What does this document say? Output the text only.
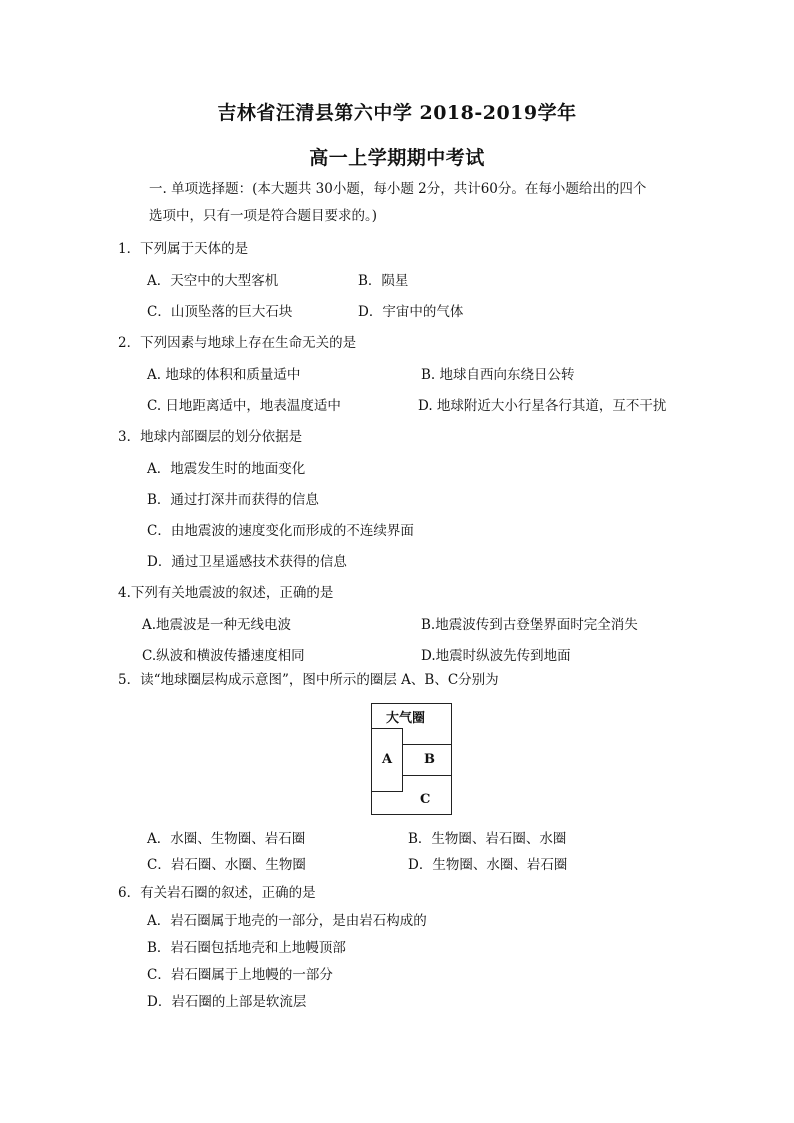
吉林省汪清县第六中学 2018-2019学年
高一上学期期中考试
一. 单项选择题：(本大题共 30小题，每小题 2分，共计60分。在每小题给出的四个
选项中，只有一项是符合题目要求的。)
1．下列属于天体的是
A．天空中的大型客机	B．陨星
C．山顶坠落的巨大石块	D．宇宙中的气体
2．下列因素与地球上存在生命无关的是
A. 地球的体积和质量适中	B. 地球自西向东绕日公转
C. 日地距离适中，地表温度适中	D. 地球附近大小行星各行其道，互不干扰
3．地球内部圈层的划分依据是
A．地震发生时的地面变化
B．通过打深井而获得的信息
C．由地震波的速度变化而形成的不连续界面
D．通过卫星遥感技术获得的信息
4.下列有关地震波的叙述，正确的是
A.地震波是一种无线电波	B.地震波传到古登堡界面时完全消失
C.纵波和横波传播速度相同	D.地震时纵波先传到地面
5．读“地球圈层构成示意图”，图中所示的圈层 A、B、C分别为
大气圈
A B
C
A．水圈、生物圈、岩石圈	B．生物圈、岩石圈、水圈
C．岩石圈、水圈、生物圈	D．生物圈、水圈、岩石圈
6．有关岩石圈的叙述，正确的是
A．岩石圈属于地壳的一部分，是由岩石构成的
B．岩石圈包括地壳和上地幔顶部
C．岩石圈属于上地幔的一部分
D．岩石圈的上部是软流层
